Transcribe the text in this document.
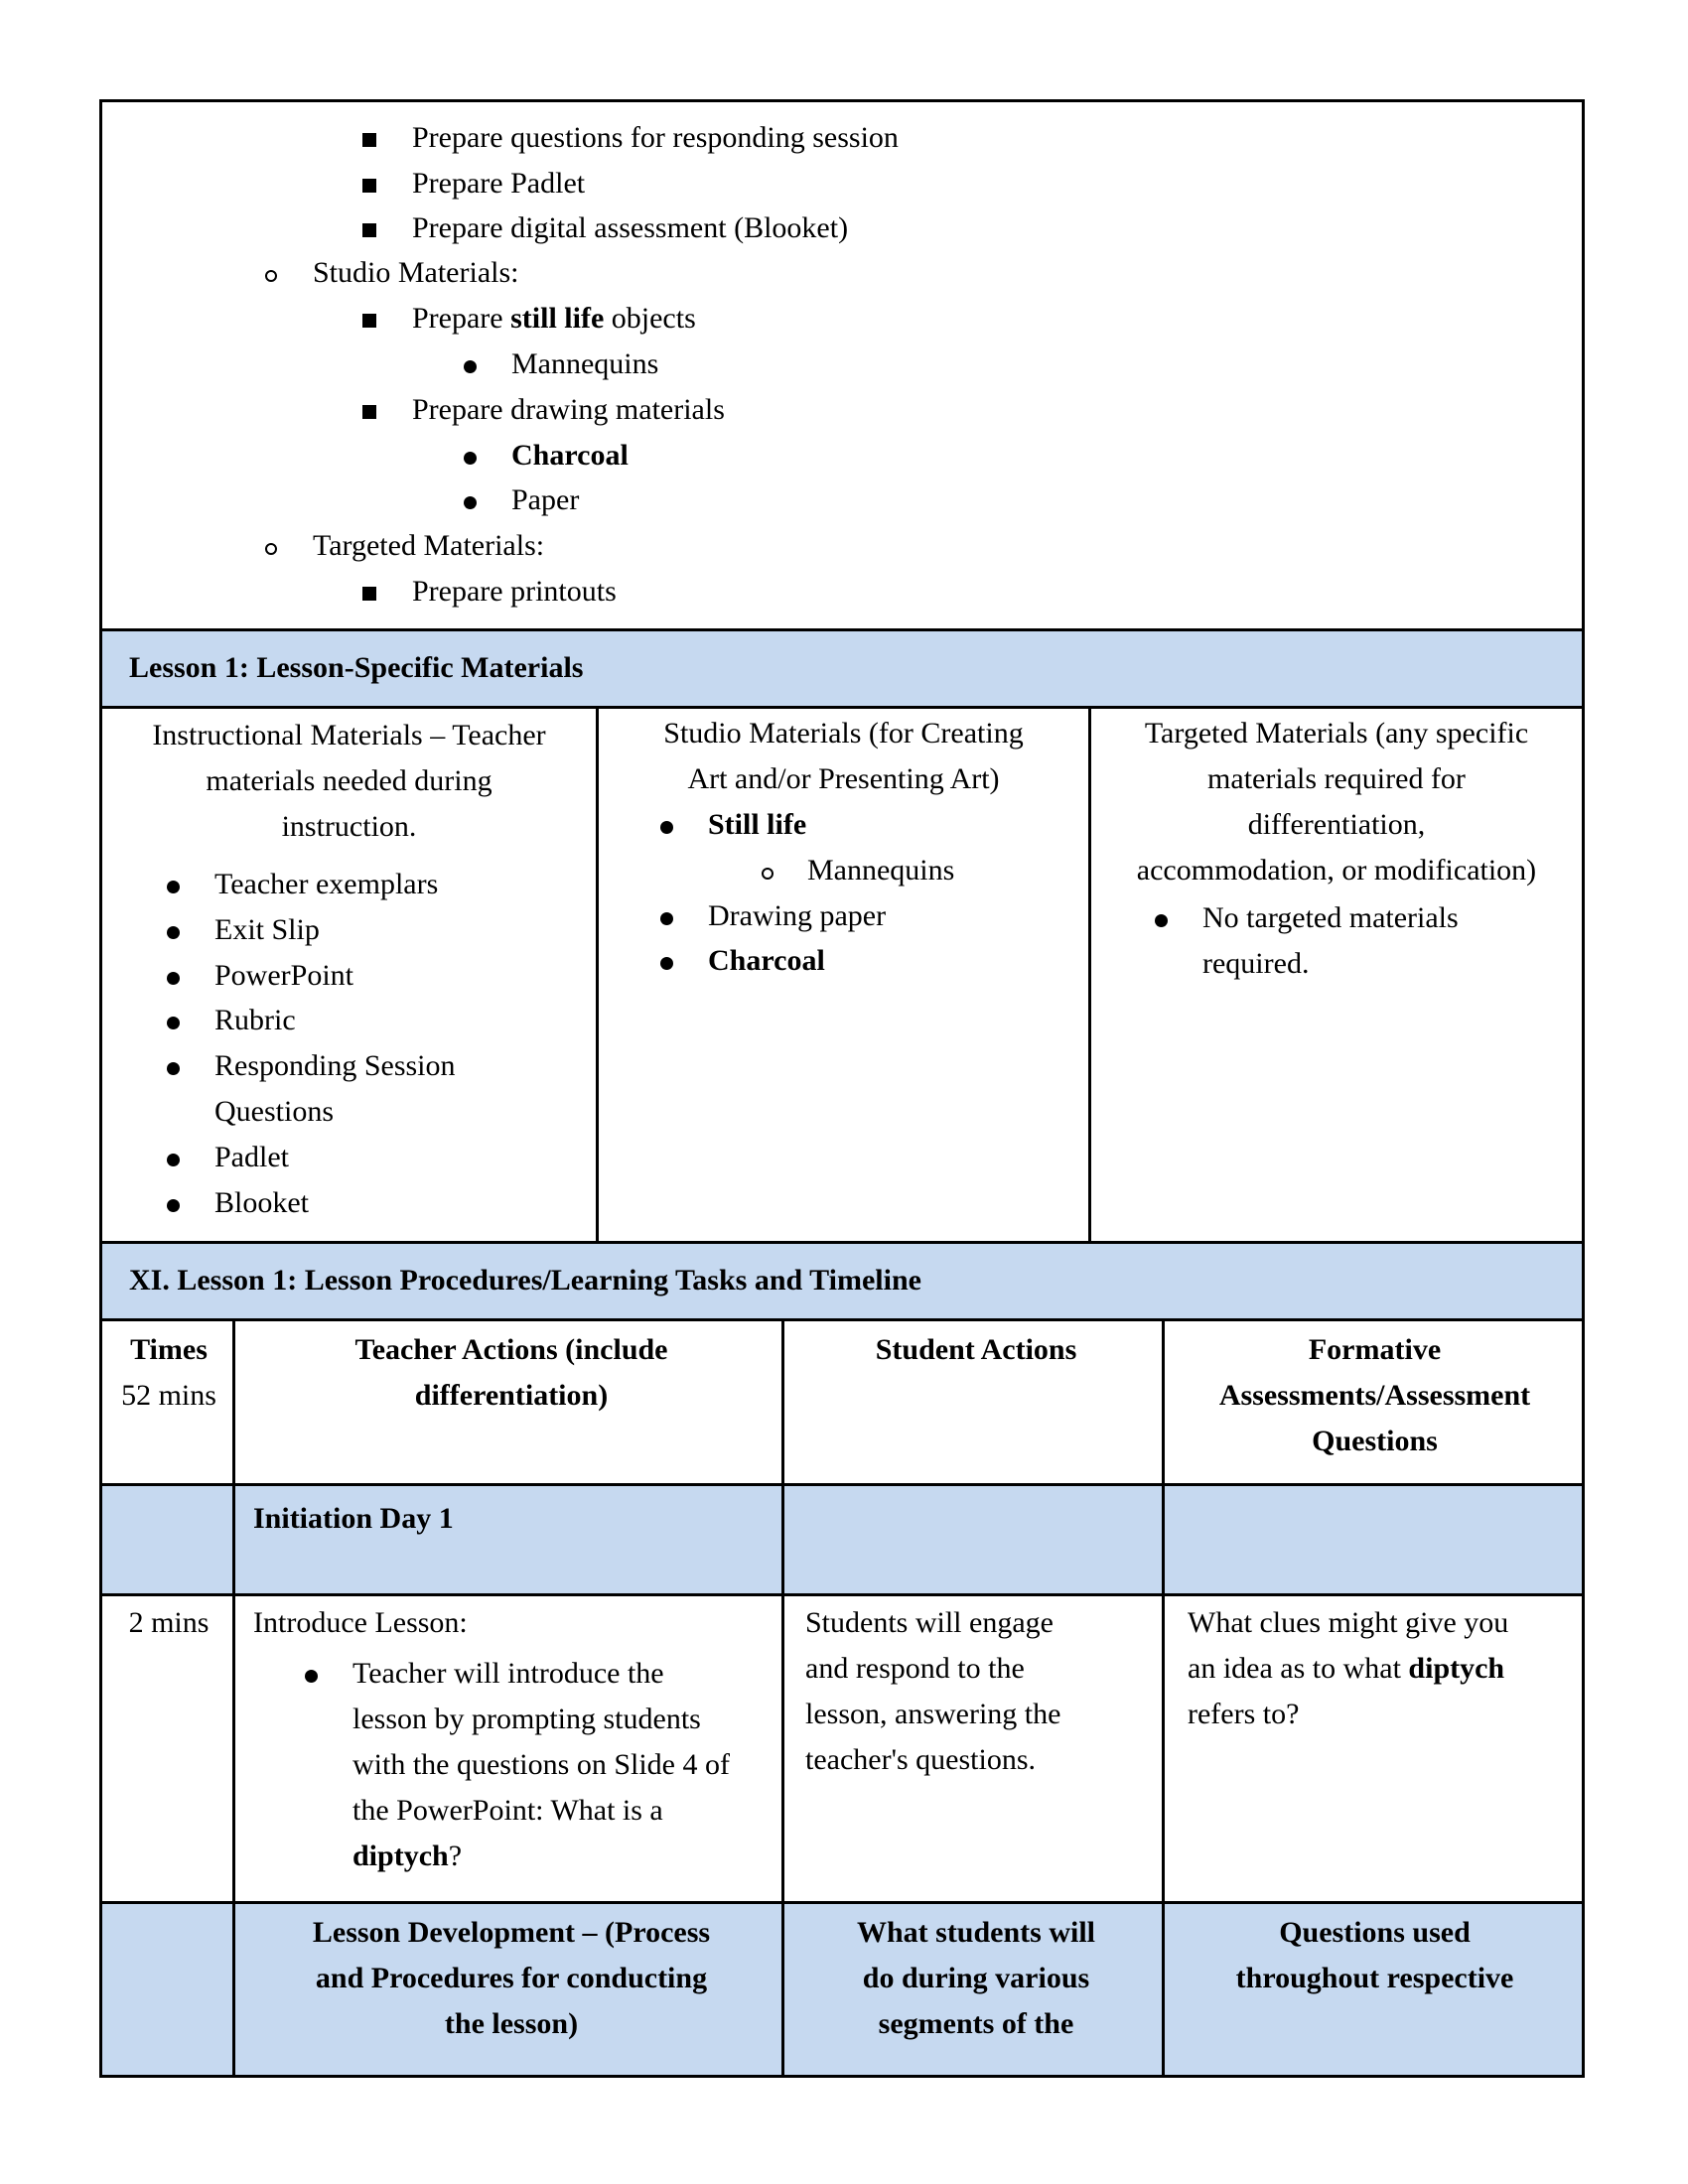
Prepare questions for responding session
Prepare Padlet
Prepare digital assessment (Blooket)
Studio Materials:
Prepare still life objects
Mannequins
Prepare drawing materials
Charcoal
Paper
Targeted Materials:
Prepare printouts
Lesson 1: Lesson-Specific Materials
Instructional Materials – Teacher
materials needed during
instruction.
Teacher exemplars
Exit Slip
PowerPoint
Rubric
Responding Session
Questions
Padlet
Blooket
Studio Materials (for Creating
Art and/or Presenting Art)
Still life
Mannequins
Drawing paper
Charcoal
Targeted Materials (any specific
materials required for
differentiation,
accommodation, or modification)
No targeted materials
required.
XI. Lesson 1: Lesson Procedures/Learning Tasks and Timeline
Times
52 mins
Teacher Actions (include
differentiation)
Student Actions	Formative
Assessments/Assessment
Questions
Initiation Day 1
2 mins	Introduce Lesson:
Teacher will introduce the
lesson by prompting students
with the questions on Slide 4 of
the PowerPoint: What is a
diptych?
Students will engage
and respond to the
lesson, answering the
teacher's questions.
What clues might give you
an idea as to what diptych
refers to?
Lesson Development – (Process
and Procedures for conducting
the lesson)
What students will
do during various
segments of the
Questions used
throughout respective
